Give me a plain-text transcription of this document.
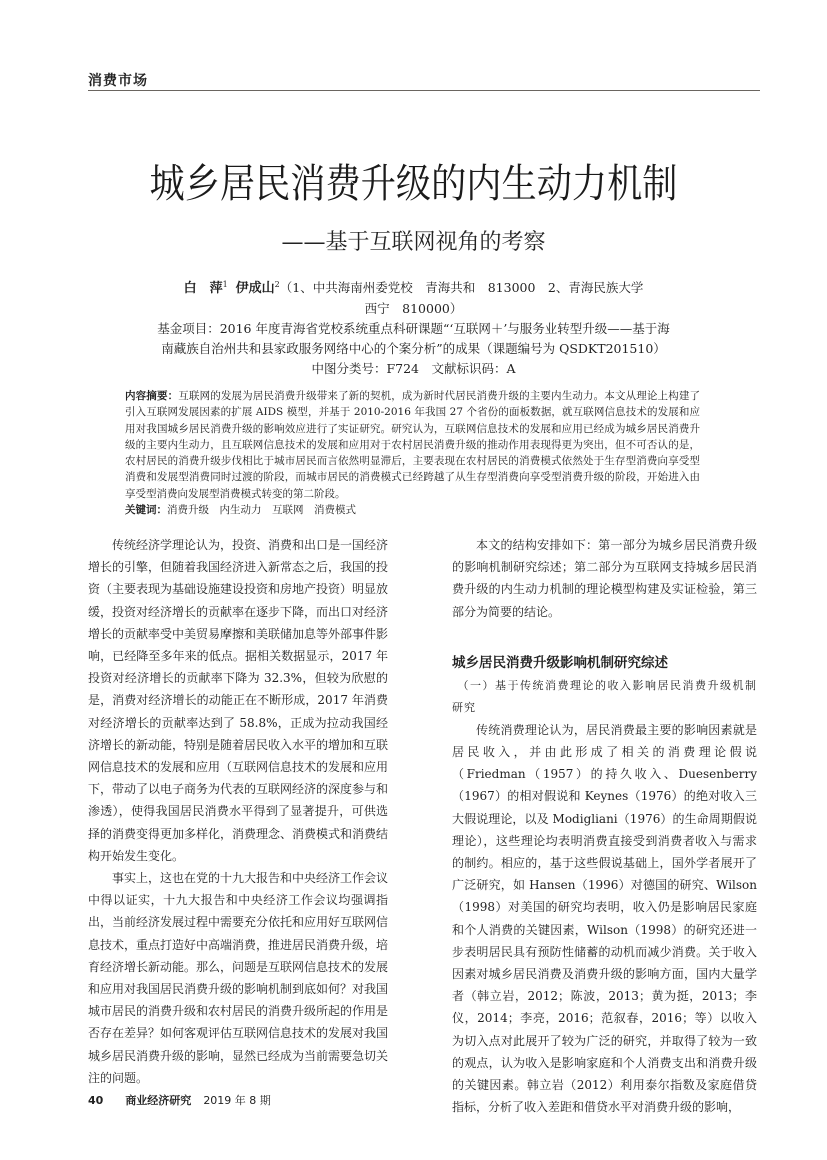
消费市场
城乡居民消费升级的内生动力机制
——基于互联网视角的考察
白　萍$^1$ 伊成山$^2$（1、中共海南州委党校　青海共和　813000　2、青海民族大学
西宁　810000）
基金项目：2016 年度青海省党校系统重点科研课题“‘互联网＋’与服务业转型升级——基于海
南藏族自治州共和县家政服务网络中心的个案分析”的成果（课题编号为 QSDKT201510）
中图分类号：F724　文献标识码：A
内容摘要：互联网的发展为居民消费升级带来了新的契机，成为新时代居民消费升级的主要内生动力。本文从理论上构建了引入互联网发展因素的扩展 AIDS 模型，并基于 2010-2016 年我国 27 个省份的面板数据，就互联网信息技术的发展和应用对我国城乡居民消费升级的影响效应进行了实证研究。研究认为，互联网信息技术的发展和应用已经成为城乡居民消费升级的主要内生动力，且互联网信息技术的发展和应用对于农村居民消费升级的推动作用表现得更为突出，但不可否认的是，农村居民的消费升级步伐相比于城市居民而言依然明显滞后，主要表现在农村居民的消费模式依然处于生存型消费向享受型消费和发展型消费同时过渡的阶段，而城市居民的消费模式已经跨越了从生存型消费向享受型消费升级的阶段，开始进入由享受型消费向发展型消费模式转变的第二阶段。
关键词：消费升级　内生动力　互联网　消费模式

传统经济学理论认为，投资、消费和出口是一国经济增长的引擎，但随着我国经济进入新常态之后，我国的投资（主要表现为基础设施建设投资和房地产投资）明显放缓，投资对经济增长的贡献率在逐步下降，而出口对经济增长的贡献率受中美贸易摩擦和美联储加息等外部事件影响，已经降至多年来的低点。据相关数据显示，2017 年投资对经济增长的贡献率下降为 32.3%，但较为欣慰的是，消费对经济增长的动能正在不断形成，2017 年消费对经济增长的贡献率达到了 58.8%，正成为拉动我国经济增长的新动能，特别是随着居民收入水平的增加和互联网信息技术的发展和应用（互联网信息技术的发展和应用下，带动了以电子商务为代表的互联网经济的深度参与和渗透），使得我国居民消费水平得到了显著提升，可供选择的消费变得更加多样化，消费理念、消费模式和消费结构开始发生变化。

事实上，这也在党的十九大报告和中央经济工作会议中得以证实，十九大报告和中央经济工作会议均强调指出，当前经济发展过程中需要充分依托和应用好互联网信息技术，重点打造好中高端消费，推进居民消费升级，培育经济增长新动能。那么，问题是互联网信息技术的发展和应用对我国居民消费升级的影响机制到底如何？对我国城市居民的消费升级和农村居民的消费升级所起的作用是否存在差异？如何客观评估互联网信息技术的发展对我国城乡居民消费升级的影响，显然已经成为当前需要急切关注的问题。

本文的结构安排如下：第一部分为城乡居民消费升级的影响机制研究综述；第二部分为互联网支持城乡居民消费升级的内生动力机制的理论模型构建及实证检验，第三部分为简要的结论。

城乡居民消费升级影响机制研究综述
（一）基于传统消费理论的收入影响居民消费升级机制研究

传统消费理论认为，居民消费最主要的影响因素就是居民收入，并由此形成了相关的消费理论假说（Friedman（1957）的持久收入、Duesenberry（1967）的相对假说和 Keynes（1976）的绝对收入三大假说理论，以及 Modigliani（1976）的生命周期假说理论），这些理论均表明消费直接受到消费者收入与需求的制约。相应的，基于这些假说基础上，国外学者展开了广泛研究，如 Hansen（1996）对德国的研究、Wilson（1998）对美国的研究均表明，收入仍是影响居民家庭和个人消费的关键因素，Wilson（1998）的研究还进一步表明居民具有预防性储蓄的动机而减少消费。关于收入因素对城乡居民消费及消费升级的影响方面，国内大量学者（韩立岩，2012；陈波，2013；黄为挺，2013；李仪，2014；李亮，2016；范叙春，2016；等）以收入为切入点对此展开了较为广泛的研究，并取得了较为一致的观点，认为收入是影响家庭和个人消费支出和消费升级的关键因素。韩立岩（2012）利用泰尔指数及家庭借贷指标，分析了收入差距和借贷水平对消费升级的影响，

40 商业经济研究 2019 年 8 期
